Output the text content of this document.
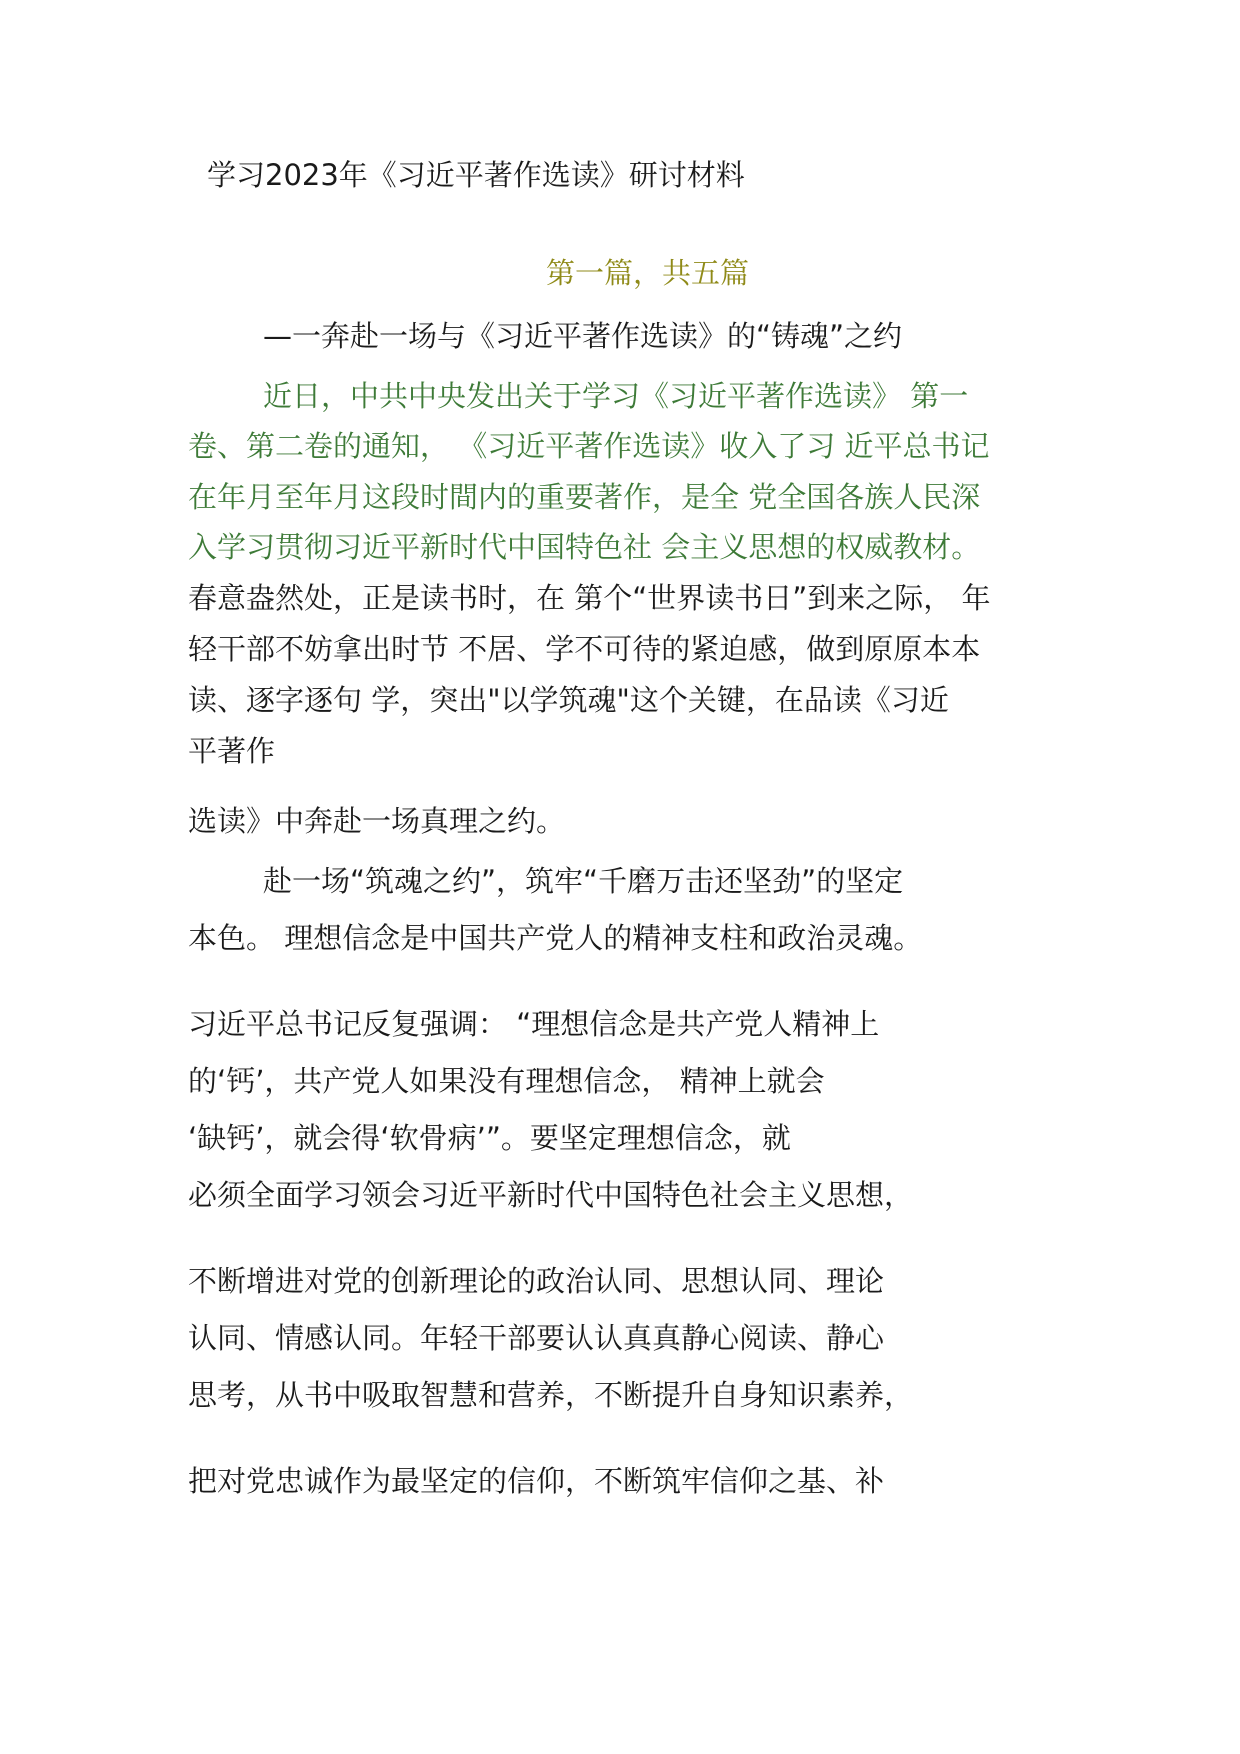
学习2023年《习近平著作选读》研讨材料
第一篇，共五篇
—一奔赴一场与《习近平著作选读》的“铸魂”之约
近日，中共中央发出关于学习《习近平著作选读》 第一
卷、第二卷的通知， 《习近平著作选读》收入了习 近平总书记
在年月至年月这段时間内的重要著作，是全 党全国各族人民深
入学习贯彻习近平新时代中国特色社 会主义思想的权威教材。
春意盎然处，正是读书时，在 第个“世界读书日”到来之际， 年
轻干部不妨拿出时节 不居、学不可待的紧迫感，做到原原本本
读、逐字逐句 学，突出"以学筑魂"这个关键，在品读《习近
平著作
选读》中奔赴一场真理之约。
赴一场“筑魂之约”，筑牢“千磨万击还坚劲”的坚定
本色。 理想信念是中国共产党人的精神支柱和政治灵魂。
习近平总书记反复强调： “理想信念是共产党人精神上
的‘钙’，共产党人如果没有理想信念， 精神上就会
‘缺钙’，就会得‘软骨病’”。要坚定理想信念，就
必须全面学习领会习近平新时代中国特色社会主义思想，
不断增进对党的创新理论的政治认同、思想认同、理论
认同、情感认同。年轻干部要认认真真静心阅读、静心
思考，从书中吸取智慧和营养，不断提升自身知识素养，
把对党忠诚作为最坚定的信仰，不断筑牢信仰之基、补
